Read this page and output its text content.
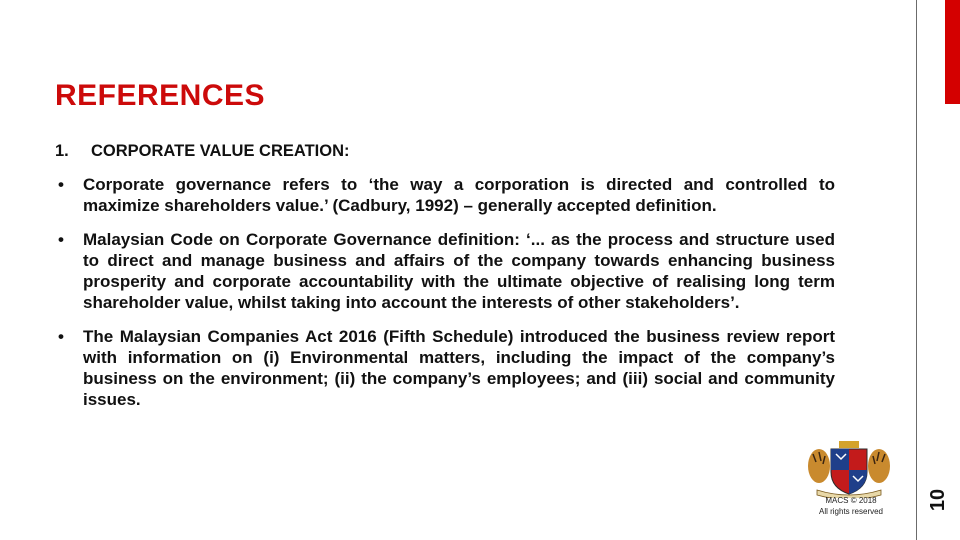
REFERENCES
1. CORPORATE VALUE CREATION:
• Corporate governance refers to ‘the way a corporation is directed and controlled to maximize shareholders value.’ (Cadbury, 1992) – generally accepted definition.
• Malaysian Code on Corporate Governance definition: ‘... as the process and structure used to direct and manage business and affairs of the company towards enhancing business prosperity and corporate accountability with the ultimate objective of realising long term shareholder value, whilst taking into account the interests of other stakeholders’.
• The Malaysian Companies Act 2016 (Fifth Schedule) introduced the business review report with information on (i) Environmental matters, including the impact of the company’s business on the environment; (ii) the company’s employees; and (iii) social and community issues.
MACS © 2018
All rights reserved
10
